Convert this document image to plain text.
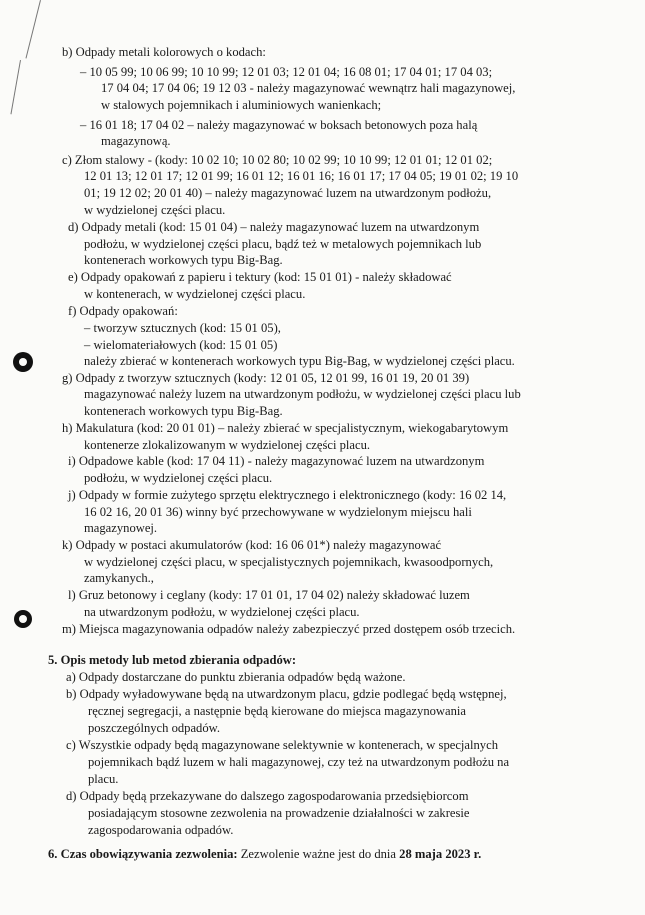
b) Odpady metali kolorowych o kodach:
– 10 05 99; 10 06 99; 10 10 99; 12 01 03; 12 01 04; 16 08 01; 17 04 01; 17 04 03;
17 04 04; 17 04 06; 19 12 03 - należy magazynować wewnątrz hali magazynowej,
w stalowych pojemnikach i aluminiowych wanienkach;
– 16 01 18; 17 04 02 – należy magazynować w boksach betonowych poza halą
magazynową.
c) Złom stalowy - (kody: 10 02 10; 10 02 80; 10 02 99; 10 10 99; 12 01 01; 12 01 02;
12 01 13; 12 01 17; 12 01 99; 16 01 12; 16 01 16; 16 01 17; 17 04 05; 19 01 02; 19 10
01; 19 12 02; 20 01 40) – należy magazynować luzem na utwardzonym podłożu,
w wydzielonej części placu.
d) Odpady metali (kod: 15 01 04) – należy magazynować luzem na utwardzonym
podłożu, w wydzielonej części placu, bądź też w metalowych pojemnikach lub
kontenerach workowych typu Big-Bag.
e) Odpady opakowań z papieru i tektury (kod: 15 01 01) - należy składować
w kontenerach, w wydzielonej części placu.
f) Odpady opakowań:
– tworzyw sztucznych (kod: 15 01 05),
– wielomateriałowych (kod: 15 01 05)
należy zbierać w kontenerach workowych typu Big-Bag, w wydzielonej części placu.
g) Odpady z tworzyw sztucznych (kody: 12 01 05, 12 01 99, 16 01 19, 20 01 39)
magazynować należy luzem na utwardzonym podłożu, w wydzielonej części placu lub
kontenerach workowych typu Big-Bag.
h) Makulatura (kod: 20 01 01) – należy zbierać w specjalistycznym, wiekogabarytowym
kontenerze zlokalizowanym w wydzielonej części placu.
i) Odpadowe kable (kod: 17 04 11) - należy magazynować luzem na utwardzonym
podłożu, w wydzielonej części placu.
j) Odpady w formie zużytego sprzętu elektrycznego i elektronicznego (kody: 16 02 14,
16 02 16, 20 01 36) winny być przechowywane w wydzielonym miejscu hali
magazynowej.
k) Odpady w postaci akumulatorów (kod: 16 06 01*) należy magazynować
w wydzielonej części placu, w specjalistycznych pojemnikach, kwasoodpornych,
zamykanych.,
l) Gruz betonowy i ceglany (kody: 17 01 01, 17 04 02) należy składować luzem
na utwardzonym podłożu, w wydzielonej części placu.
m) Miejsca magazynowania odpadów należy zabezpieczyć przed dostępem osób trzecich.
5. Opis metody lub metod zbierania odpadów:
a) Odpady dostarczane do punktu zbierania odpadów będą ważone.
b) Odpady wyładowywane będą na utwardzonym placu, gdzie podlegać będą wstępnej,
ręcznej segregacji, a następnie będą kierowane do miejsca magazynowania
poszczególnych odpadów.
c) Wszystkie odpady będą magazynowane selektywnie w kontenerach, w specjalnych
pojemnikach bądź luzem w hali magazynowej, czy też na utwardzonym podłożu na
placu.
d) Odpady będą przekazywane do dalszego zagospodarowania przedsiębiorcom
posiadającym stosowne zezwolenia na prowadzenie działalności w zakresie
zagospodarowania odpadów.
6. Czas obowiązywania zezwolenia: Zezwolenie ważne jest do dnia 28 maja 2023 r.
